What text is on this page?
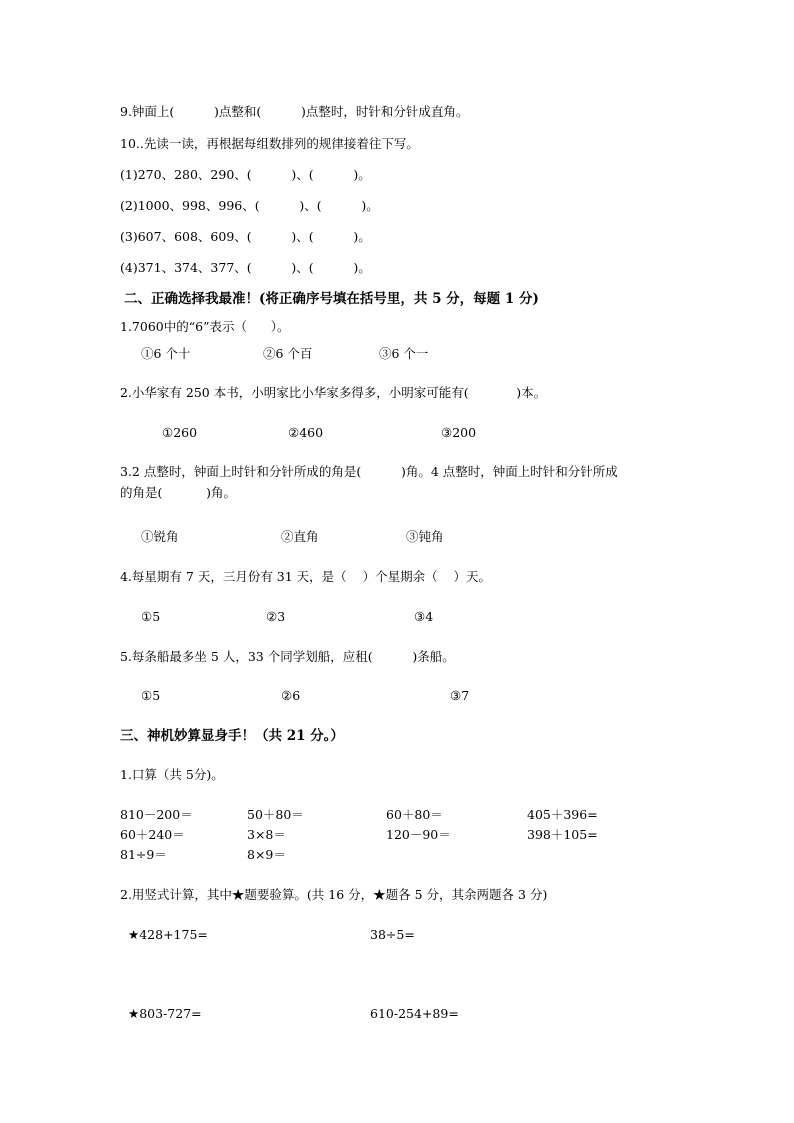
9.钟面上(          )点整和(          )点整时，时针和分针成直角。
10..先读一读，再根据每组数排列的规律接着往下写。
(1)270、280、290、(          )、(          )。
(2)1000、998、996、(          )、(          )。
(3)607、608、609、(          )、(          )。
(4)371、374、377、(          )、(          )。
二、正确选择我最准！(将正确序号填在括号里，共 5 分，每题 1 分)
1.7060中的“6”表示（      ）。
①6 个十	②6 个百	③6 个一
2.小华家有 250 本书，小明家比小华家多得多，小明家可能有(            )本。
①260	②460	③200
3.2 点整时，钟面上时针和分针所成的角是(          )角。4 点整时，钟面上时针和分针所成
的角是(           )角。
①锐角	②直角	③钝角
4.每星期有 7 天，三月份有 31 天，是（    ）个星期余（    ）天。
①5	②3	③4
5.每条船最多坐 5 人，33 个同学划船，应租(          )条船。
①5	②6	③7
三、神机妙算显身手！（共 21 分。）
1.口算（共 5分)。
810－200＝	50＋80＝	60＋80＝	405＋396=
60＋240＝	3×8＝	120－90＝	398＋105=
81÷9＝	8×9＝
2.用竖式计算，其中★题要验算。(共 16 分，★题各 5 分，其余两题各 3 分)
★428+175=	38÷5=
★803-727=	610-254+89=
